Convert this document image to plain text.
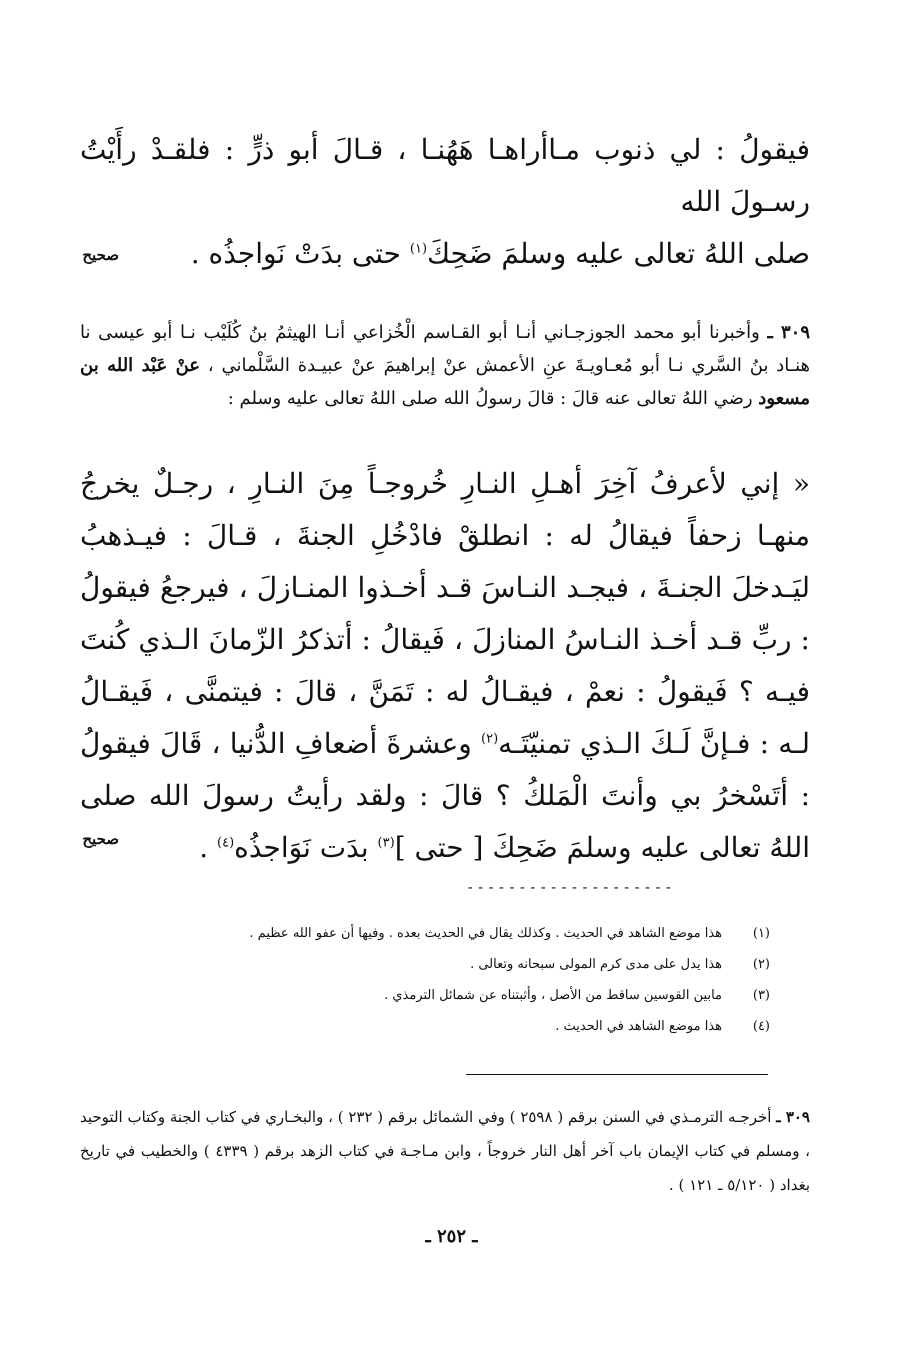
فيقولُ : لي ذنوب مـاأراهـا هَهُنـا ، قـالَ أبو ذرٍّ : فلقـدْ رأَيْتُ رسـولَ الله
صلى اللهُ تعالى عليه وسلمَ ضَحِكَ$^{(١)}$ حتى بدَتْ نَواجذُه .
صحيح
٣٠٩ ـ وأخبرنا أبو محمد الجوزجـاني أنـا أبو القـاسم الْخُزاعي أنـا الهيثمُ بنُ كُلَيْب نـا أبو عيسى نا هنـاد بنُ السَّري نـا أبو مُعـاويـةَ عنِ الأعمش عنْ إبراهيمَ عنْ عبيـدة السَّلْماني ، عنْ عَبْد الله بن مسعود رضي اللهُ تعالى عنه قالَ : قالَ رسولُ الله صلى اللهُ تعالى عليه وسلم :
« إني لأعرفُ آخِرَ أهـلِ النـارِ خُروجـاً مِنَ النـارِ ، رجـلٌ يخرجُ منهـا زحفاً فيقالُ له : انطلقْ فادْخُلِ الجنةَ ، قـالَ : فيـذهبُ ليَـدخلَ الجنـةَ ، فيجـد النـاسَ قـد أخـذوا المنـازلَ ، فيرجعُ فيقولُ : ربِّ قـد أخـذ النـاسُ المنازلَ ، فَيقالُ : أتذكرُ الزّمانَ الـذي كُنتَ فيـه ؟ فَيقولُ : نعمْ ، فيقـالُ له : تَمَنَّ ، قالَ : فيتمنَّى ، فَيقـالُ لـه : فـإنَّ لَـكَ الـذي تمنيّتَـه$^{(٢)}$ وعشرةَ أضعافِ الدُّنيا ، قَالَ فيقولُ : أتَسْخرُ بي وأنتَ الْمَلكُ ؟ قالَ : ولقد رأيتُ رسولَ الله صلى اللهُ تعالى عليه وسلمَ ضَحِكَ [ حتى ]$^{(٣)}$ بدَت نَوَاجذُه$^{(٤)}$ .
صحيح
--------------------
(١)
هذا موضع الشاهد في الحديث . وكذلك يقال في الحديث بعده . وفيها أن عفو الله عظيم .
(٢)
هذا يدل على مدى كرم المولى سبحانه وتعالى .
(٣)
مابين القوسين ساقط من الأصل ، وأثبتناه عن شمائل الترمذي .
(٤)
هذا موضع الشاهد في الحديث .
٣٠٩ ـ أخرجـه الترمـذي في السنن برقم ( ٢٥٩٨ ) وفي الشمائل برقم ( ٢٣٢ ) ، والبخـاري في كتاب الجنة وكتاب التوحيد ، ومسلم في كتاب الإيمان باب آخر أهل النار خروجاً ، وابن مـاجـة في كتاب الزهد برقم ( ٤٣٣٩ ) والخطيب في تاريخ بغداد ( ٥/١٢٠ ـ ١٢١ ) .
ـ ٢٥٢ ـ
